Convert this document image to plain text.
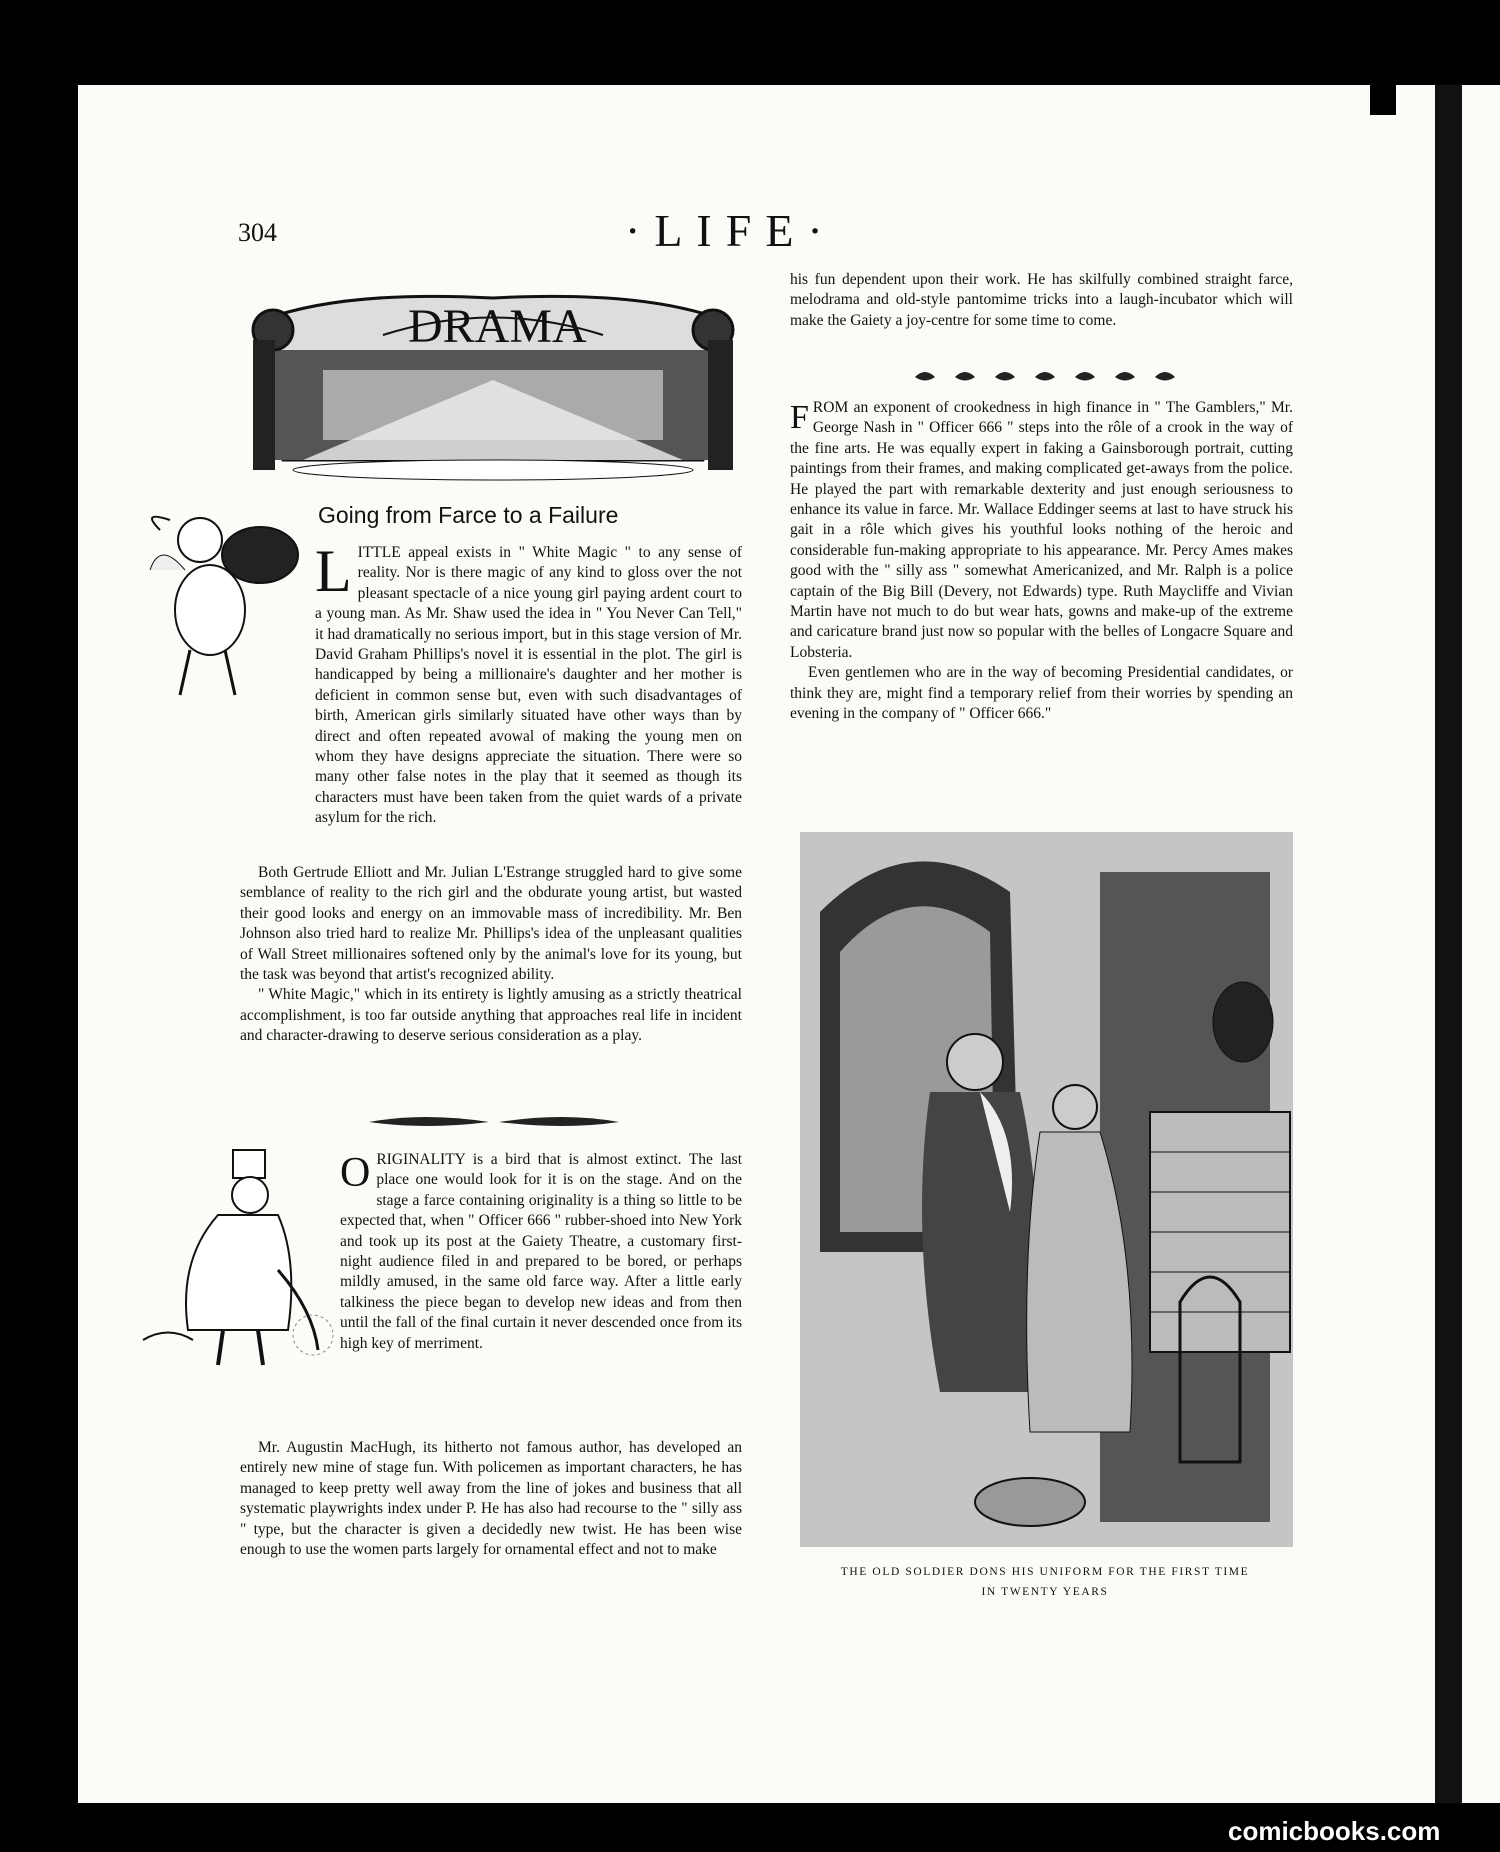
304	·LIFE·
DRAMA
Going from Farce to a Failure

LITTLE appeal exists in " White Magic " to any sense of reality. Nor is there magic of any kind to gloss over the not pleasant spectacle of a nice young girl paying ardent court to a young man. As Mr. Shaw used the idea in " You Never Can Tell," it had dramatically no serious import, but in this stage version of Mr. David Graham Phillips's novel it is essential in the plot. The girl is handicapped by being a millionaire's daughter and her mother is deficient in common sense but, even with such disadvantages of birth, American girls similarly situated have other ways than by direct and often repeated avowal of making the young men on whom they have designs appreciate the situation. There were so many other false notes in the play that it seemed as though its characters must have been taken from the quiet wards of a private asylum for the rich.

Both Gertrude Elliott and Mr. Julian L'Estrange struggled hard to give some semblance of reality to the rich girl and the obdurate young artist, but wasted their good looks and energy on an immovable mass of incredibility. Mr. Ben Johnson also tried hard to realize Mr. Phillips's idea of the unpleasant qualities of Wall Street millionaires softened only by the animal's love for its young, but the task was beyond that artist's recognized ability.

" White Magic," which in its entirety is lightly amusing as a strictly theatrical accomplishment, is too far outside anything that approaches real life in incident and character-drawing to deserve serious consideration as a play.

ORIGINALITY is a bird that is almost extinct. The last place one would look for it is on the stage. And on the stage a farce containing originality is a thing so little to be expected that, when " Officer 666 " rubber-shoed into New York and took up its post at the Gaiety Theatre, a customary first-night audience filed in and prepared to be bored, or perhaps mildly amused, in the same old farce way. After a little early talkiness the piece began to develop new ideas and from then until the fall of the final curtain it never descended once from its high key of merriment.

Mr. Augustin MacHugh, its hitherto not famous author, has developed an entirely new mine of stage fun. With policemen as important characters, he has managed to keep pretty well away from the line of jokes and business that all systematic playwrights index under P. He has also had recourse to the " silly ass " type, but the character is given a decidedly new twist. He has been wise enough to use the women parts largely for ornamental effect and not to make

his fun dependent upon their work. He has skilfully combined straight farce, melodrama and old-style pantomime tricks into a laugh-incubator which will make the Gaiety a joy-centre for some time to come.

FROM an exponent of crookedness in high finance in " The Gamblers," Mr. George Nash in " Officer 666 " steps into the rôle of a crook in the way of the fine arts. He was equally expert in faking a Gainsborough portrait, cutting paintings from their frames, and making complicated get-aways from the police. He played the part with remarkable dexterity and just enough seriousness to enhance its value in farce. Mr. Wallace Eddinger seems at last to have struck his gait in a rôle which gives his youthful looks nothing of the heroic and considerable fun-making appropriate to his appearance. Mr. Percy Ames makes good with the " silly ass " somewhat Americanized, and Mr. Ralph is a police captain of the Big Bill (Devery, not Edwards) type. Ruth Maycliffe and Vivian Martin have not much to do but wear hats, gowns and make-up of the extreme and caricature brand just now so popular with the belles of Longacre Square and Lobsteria.

Even gentlemen who are in the way of becoming Presidential candidates, or think they are, might find a temporary relief from their worries by spending an evening in the company of " Officer 666."

THE OLD SOLDIER DONS HIS UNIFORM FOR THE FIRST TIME
IN TWENTY YEARS
comicbooks.com
